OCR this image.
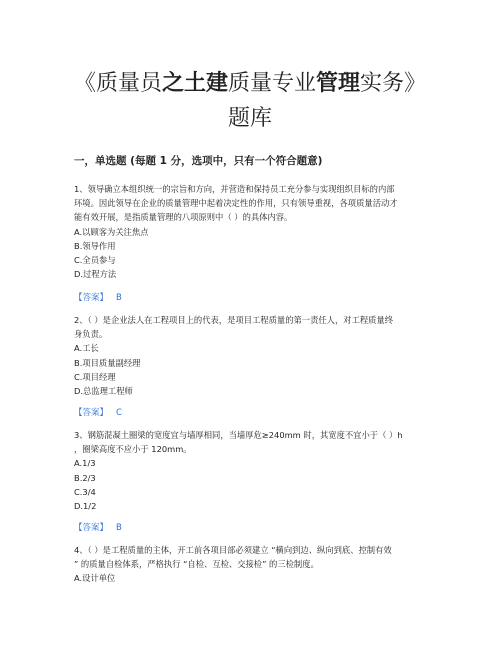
《质量员之土建质量专业管理实务》
题库
一，单选题 (每题 1 分，选项中，只有一个符合题意)

1、领导确立本组织统一的宗旨和方向，并营造和保持员工充分参与实现组织目标的内部

环境。因此领导在企业的质量管理中起着决定性的作用，只有领导重视，各项质量活动才

能有效开展，是指质量管理的八项原则中（ ）的具体内容。

A.以顾客为关注焦点

B.领导作用

C.全员参与

D.过程方法

【答案】 B

2、（ ）是企业法人在工程项目上的代表，是项目工程质量的第一责任人，对工程质量终

身负责。

A.工长

B.项目质量副经理

C.项目经理

D.总监理工程师

【答案】 C

3、钢筋混凝土圈梁的宽度宜与墙厚相同，当墙厚危≥240mm 时，其宽度不宜小于（ ）h

，圈梁高度不应小于 120mm。

A.1/3

B.2/3

C.3/4

D.1/2

【答案】 B

4、（ ）是工程质量的主体，开工前各项目部必须建立 “横向到边、纵向到底、控制有效

” 的质量自检体系，严格执行 “自检、互检、交接检” 的三检制度。

A.设计单位
